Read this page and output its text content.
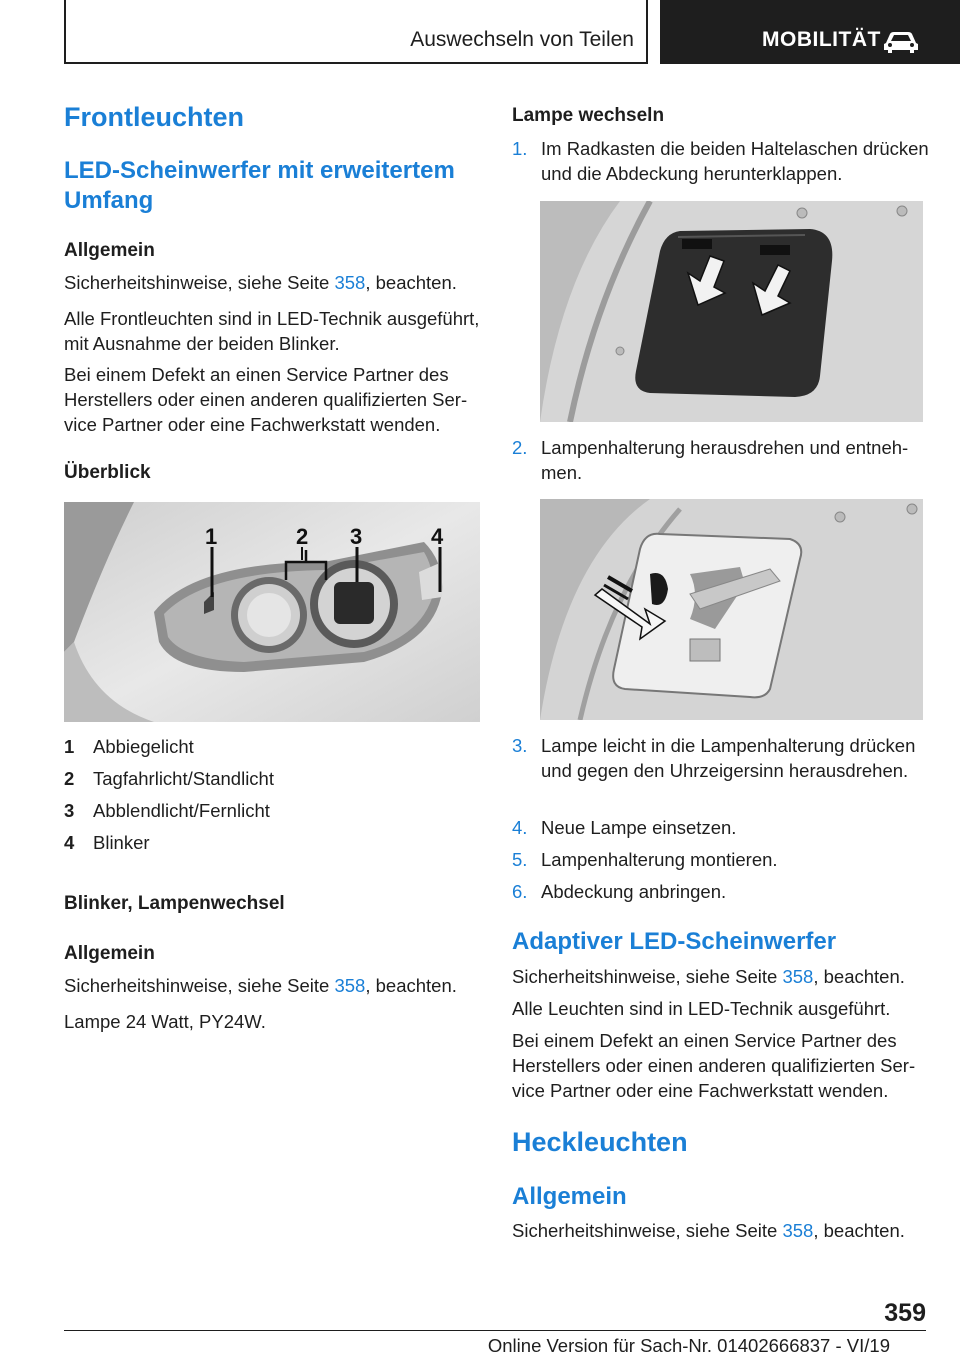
Auswechseln von Teilen	MOBILITÄT
Frontleuchten
LED-Scheinwerfer mit erweitertem Umfang
Allgemein
Sicherheitshinweise, siehe Seite 358, beachten.
Alle Frontleuchten sind in LED-Technik ausgeführt, mit Ausnahme der beiden Blinker.
Bei einem Defekt an einen Service Partner des Herstellers oder einen anderen qualifizierten Service Partner oder eine Fachwerkstatt wenden.
Überblick
1	2 3	4
1 Abbiegelicht
2 Tagfahrlicht/Standlicht
3 Abblendlicht/Fernlicht
4 Blinker
Blinker, Lampenwechsel
Allgemein
Sicherheitshinweise, siehe Seite 358, beachten.
Lampe 24 Watt, PY24W.
Lampe wechseln
1. Im Radkasten die beiden Haltelaschen drücken und die Abdeckung herunterklappen.
2. Lampenhalterung herausdrehen und entnehmen.
3. Lampe leicht in die Lampenhalterung drücken und gegen den Uhrzeigersinn herausdrehen.
4. Neue Lampe einsetzen.
5. Lampenhalterung montieren.
6. Abdeckung anbringen.
Adaptiver LED-Scheinwerfer
Sicherheitshinweise, siehe Seite 358, beachten.
Alle Leuchten sind in LED-Technik ausgeführt.
Bei einem Defekt an einen Service Partner des Herstellers oder einen anderen qualifizierten Service Partner oder eine Fachwerkstatt wenden.
Heckleuchten
Allgemein
Sicherheitshinweise, siehe Seite 358, beachten.
359
Online Version für Sach-Nr. 01402666837 - VI/19
